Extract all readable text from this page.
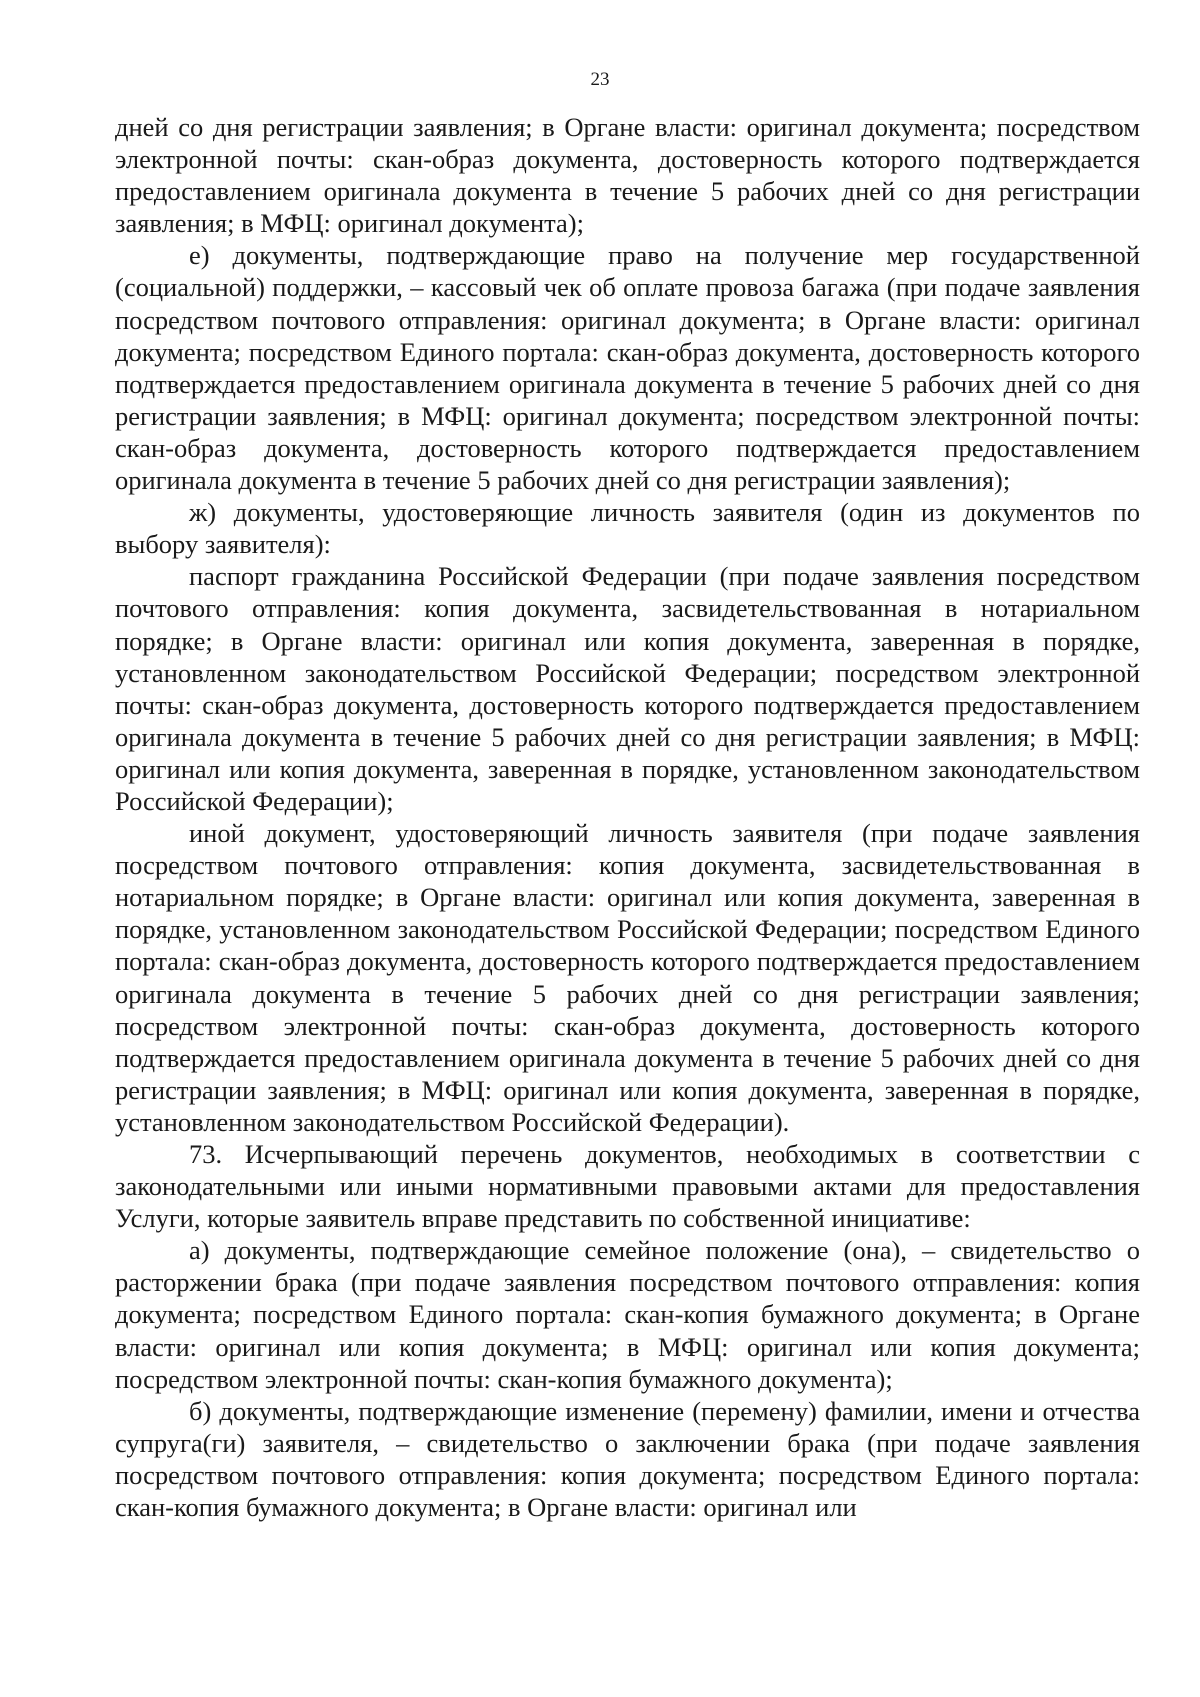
23

дней со дня регистрации заявления; в Органе власти: оригинал документа; посредством электронной почты: скан-образ документа, достоверность которого подтверждается предоставлением оригинала документа в течение 5 рабочих дней со дня регистрации заявления; в МФЦ: оригинал документа);

е) документы, подтверждающие право на получение мер государственной (социальной) поддержки, – кассовый чек об оплате провоза багажа (при подаче заявления посредством почтового отправления: оригинал документа; в Органе власти: оригинал документа; посредством Единого портала: скан-образ документа, достоверность которого подтверждается предоставлением оригинала документа в течение 5 рабочих дней со дня регистрации заявления; в МФЦ: оригинал документа; посредством электронной почты: скан-образ документа, достоверность которого подтверждается предоставлением оригинала документа в течение 5 рабочих дней со дня регистрации заявления);

ж) документы, удостоверяющие личность заявителя (один из документов по выбору заявителя):

паспорт гражданина Российской Федерации (при подаче заявления посредством почтового отправления: копия документа, засвидетельствованная в нотариальном порядке; в Органе власти: оригинал или копия документа, заверенная в порядке, установленном законодательством Российской Федерации; посредством электронной почты: скан-образ документа, достоверность которого подтверждается предоставлением оригинала документа в течение 5 рабочих дней со дня регистрации заявления; в МФЦ: оригинал или копия документа, заверенная в порядке, установленном законодательством Российской Федерации);

иной документ, удостоверяющий личность заявителя (при подаче заявления посредством почтового отправления: копия документа, засвидетельствованная в нотариальном порядке; в Органе власти: оригинал или копия документа, заверенная в порядке, установленном законодательством Российской Федерации; посредством Единого портала: скан-образ документа, достоверность которого подтверждается предоставлением оригинала документа в течение 5 рабочих дней со дня регистрации заявления; посредством электронной почты: скан-образ документа, достоверность которого подтверждается предоставлением оригинала документа в течение 5 рабочих дней со дня регистрации заявления; в МФЦ: оригинал или копия документа, заверенная в порядке, установленном законодательством Российской Федерации).

73. Исчерпывающий перечень документов, необходимых в соответствии с законодательными или иными нормативными правовыми актами для предоставления Услуги, которые заявитель вправе представить по собственной инициативе:

а) документы, подтверждающие семейное положение (она), – свидетельство о расторжении брака (при подаче заявления посредством почтового отправления: копия документа; посредством Единого портала: скан-копия бумажного документа; в Органе власти: оригинал или копия документа; в МФЦ: оригинал или копия документа; посредством электронной почты: скан-копия бумажного документа);

б) документы, подтверждающие изменение (перемену) фамилии, имени и отчества супруга(ги) заявителя, – свидетельство о заключении брака (при подаче заявления посредством почтового отправления: копия документа; посредством Единого портала: скан-копия бумажного документа; в Органе власти: оригинал или
